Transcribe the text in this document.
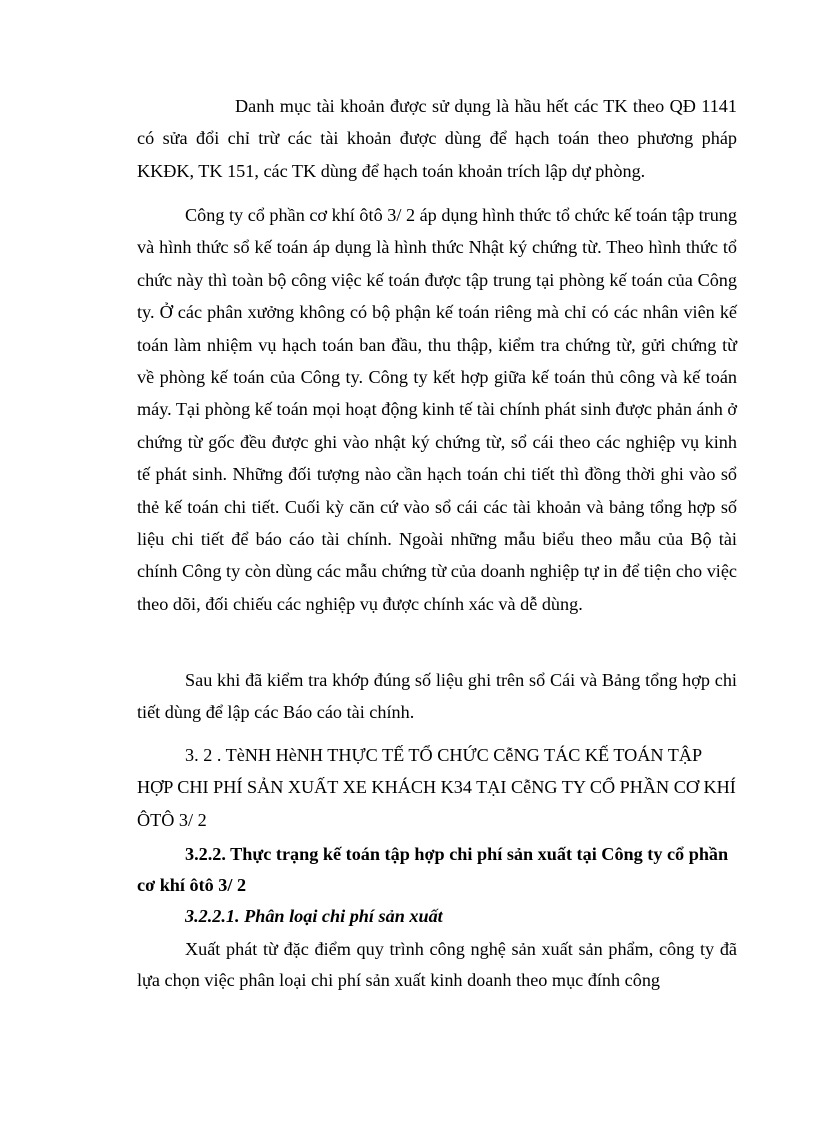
Danh mục tài khoản được sử dụng là hầu hết các TK theo QĐ 1141 có sửa đổi chỉ trừ các tài khoản được dùng để hạch toán theo phương pháp KKĐK, TK 151, các TK dùng để hạch toán khoản trích lập dự phòng.

Công ty cổ phần cơ khí ôtô 3/ 2 áp dụng hình thức tổ chức kế toán tập trung và hình thức sổ kế toán áp dụng là hình thức Nhật ký chứng từ. Theo hình thức tổ chức này thì toàn bộ công việc kế toán được tập trung tại phòng kế toán của Công ty. Ở các phân xưởng không có bộ phận kế toán riêng mà chỉ có các nhân viên kế toán làm nhiệm vụ hạch toán ban đầu, thu thập, kiểm tra chứng từ, gửi chứng từ về phòng kế toán của Công ty. Công ty kết hợp giữa kế toán thủ công và kế toán máy. Tại phòng kế toán mọi hoạt động kinh tế tài chính phát sinh được phản ánh ở chứng từ gốc đều được ghi vào nhật ký chứng từ, sổ cái theo các nghiệp vụ kinh tế phát sinh. Những đối tượng nào cần hạch toán chi tiết thì đồng thời ghi vào sổ thẻ kế toán chi tiết. Cuối kỳ căn cứ vào sổ cái các tài khoản và bảng tổng hợp số liệu chi tiết để báo cáo tài chính. Ngoài những mẫu biểu theo mẫu của Bộ tài chính Công ty còn dùng các mẫu chứng từ của doanh nghiệp tự in để tiện cho việc theo dõi, đối chiếu các nghiệp vụ được chính xác và dễ dùng.

Sau khi đã kiểm tra khớp đúng số liệu ghi trên sổ Cái và Bảng tổng hợp chi tiết dùng để lập các Báo cáo tài chính.

3. 2 . TèNH HèNH THỰC TẾ TỔ CHỨC CễNG TÁC KẾ TOÁN TẬP HỢP CHI PHÍ SẢN XUẤT XE KHÁCH K34 TẠI CễNG TY CỔ PHẦN CƠ KHÍ ÔTÔ 3/ 2

3.2.2. Thực trạng kế toán tập hợp chi phí sản xuất tại Công ty cổ phần cơ khí ôtô 3/ 2

3.2.2.1. Phân loại chi phí sản xuất

Xuất phát từ đặc điểm quy trình công nghệ sản xuất sản phẩm, công ty đã lựa chọn việc phân loại chi phí sản xuất kinh doanh theo mục đính công
